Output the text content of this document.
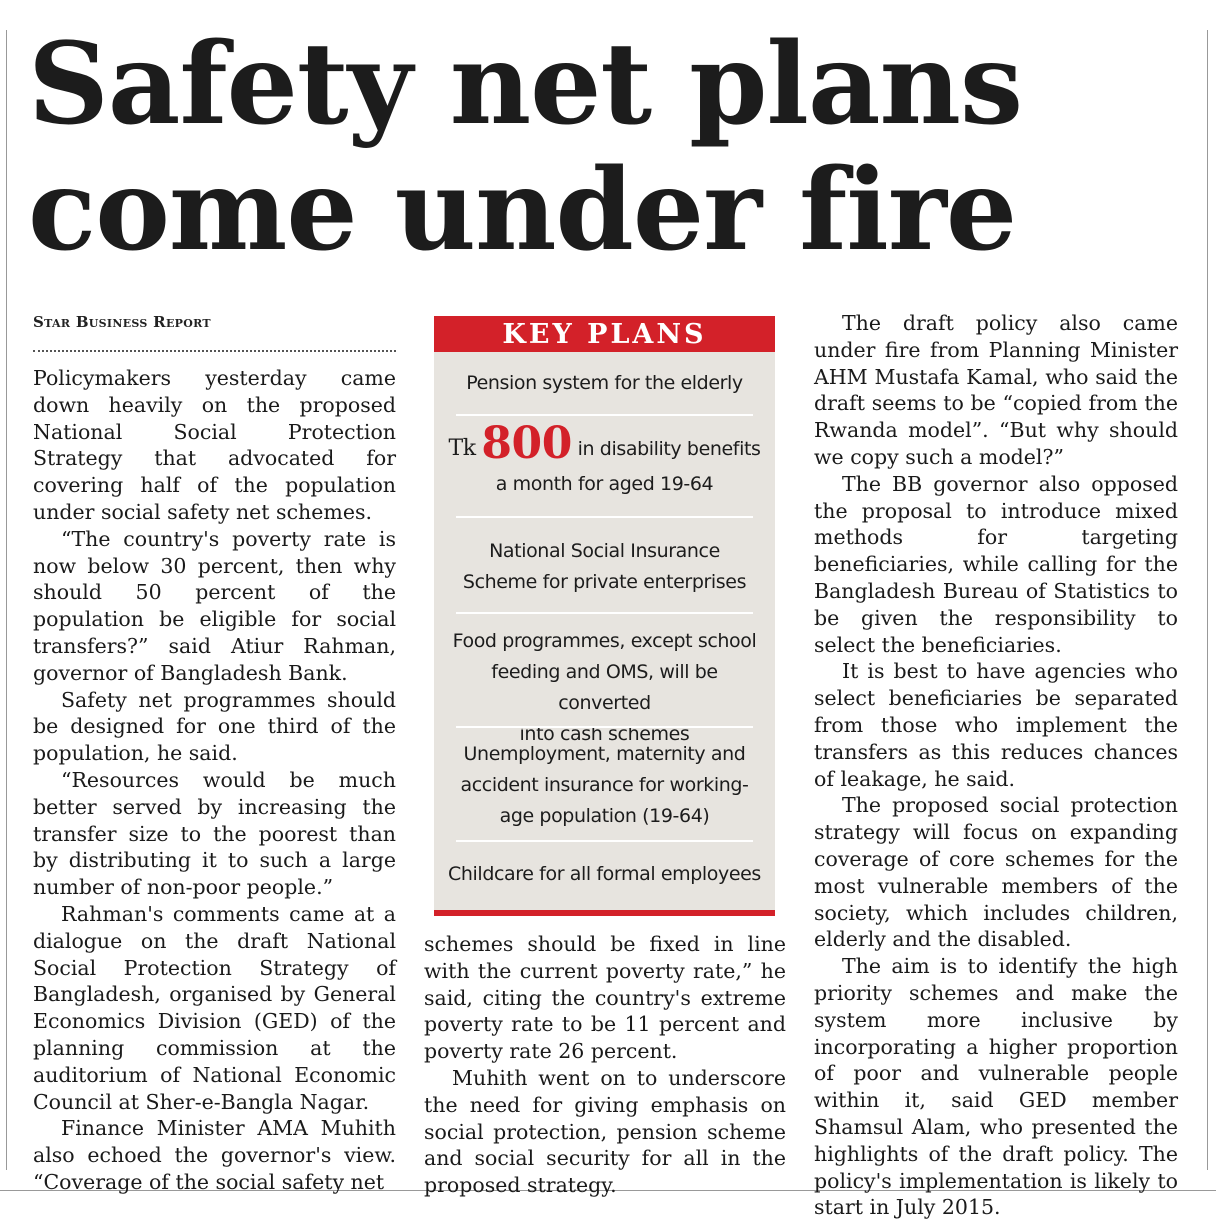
Safety net plans
come under fire
Star Business Report

Policymakers yesterday came down heavily on the proposed National Social Protection Strategy that advocated for covering half of the population under social safety net schemes.

“The country's poverty rate is now below 30 percent, then why should 50 percent of the population be eligible for social transfers?” said Atiur Rahman, governor of Bangladesh Bank.

Safety net programmes should be designed for one third of the population, he said.

“Resources would be much better served by increasing the transfer size to the poorest than by distributing it to such a large number of non-poor people.”

Rahman's comments came at a dialogue on the draft National Social Protection Strategy of Bangladesh, organised by General Economics Division (GED) of the planning commission at the auditorium of National Economic Council at Sher-e-Bangla Nagar.

Finance Minister AMA Muhith also echoed the governor's view. “Coverage of the social safety net

KEY PLANS
Pension system for the elderly
Tk 800 in disability benefits
a month for aged 19-64
National Social Insurance
Scheme for private enterprises
Food programmes, except school
feeding and OMS, will be converted
into cash schemes
Unemployment, maternity and
accident insurance for working-
age population (19-64)
Childcare for all formal employees

schemes should be fixed in line with the current poverty rate,” he said, citing the country's extreme poverty rate to be 11 percent and poverty rate 26 percent.

Muhith went on to underscore the need for giving emphasis on social protection, pension scheme and social security for all in the proposed strategy.

The draft policy also came under fire from Planning Minister AHM Mustafa Kamal, who said the draft seems to be “copied from the Rwanda model”. “But why should we copy such a model?”

The BB governor also opposed the proposal to introduce mixed methods for targeting beneficiaries, while calling for the Bangladesh Bureau of Statistics to be given the responsibility to select the beneficiaries.

It is best to have agencies who select beneficiaries be separated from those who implement the transfers as this reduces chances of leakage, he said.

The proposed social protection strategy will focus on expanding coverage of core schemes for the most vulnerable members of the society, which includes children, elderly and the disabled.

The aim is to identify the high priority schemes and make the system more inclusive by incorporating a higher proportion of poor and vulnerable people within it, said GED member Shamsul Alam, who presented the highlights of the draft policy. The policy's implementation is likely to start in July 2015.
